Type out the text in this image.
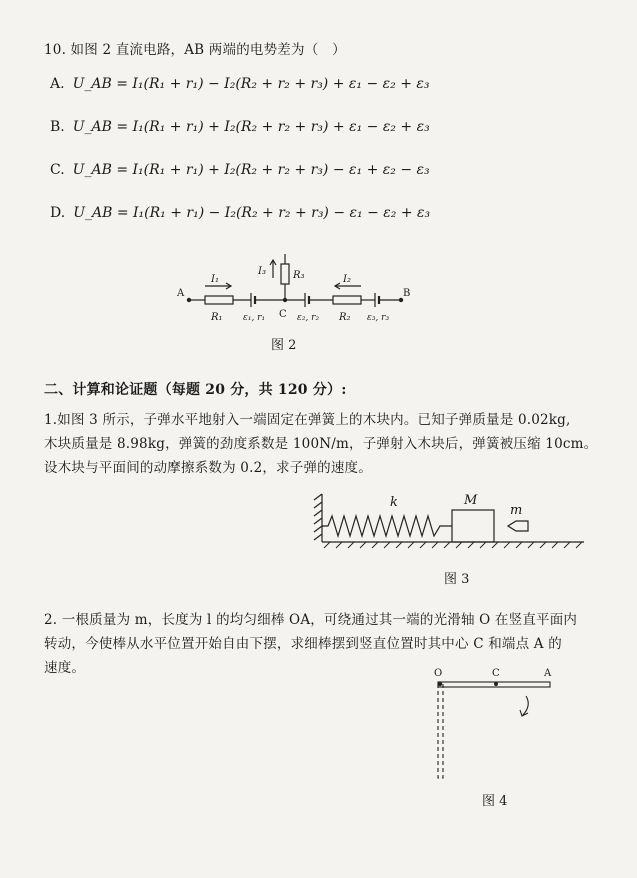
10. 如图 2 直流电路，AB 两端的电势差为（　）
A. U_AB = I₁(R₁ + r₁) − I₂(R₂ + r₂ + r₃) + ε₁ − ε₂ + ε₃
B. U_AB = I₁(R₁ + r₁) + I₂(R₂ + r₂ + r₃) + ε₁ − ε₂ + ε₃
C. U_AB = I₁(R₁ + r₁) + I₂(R₂ + r₂ + r₃) − ε₁ + ε₂ − ε₃
D. U_AB = I₁(R₁ + r₁) − I₂(R₂ + r₂ + r₃) − ε₁ − ε₂ + ε₃
A	B
C
I₁	I₂
I₃	R₃
R₁	R₂
ε₁, r₁	ε₂, r₂	ε₃, r₃
图 2
二、计算和论证题（每题 20 分，共 120 分）:
1.如图 3 所示，子弹水平地射入一端固定在弹簧上的木块内。已知子弹质量是 0.02kg,
木块质量是 8.98kg，弹簧的劲度系数是 100N/m，子弹射入木块后，弹簧被压缩 10cm。
设木块与平面间的动摩擦系数为 0.2，求子弹的速度。
k	M
m
图 3
2. 一根质量为 m，长度为 l 的均匀细棒 OA，可绕通过其一端的光滑轴 O 在竖直平面内
转动，今使棒从水平位置开始自由下摆，求细棒摆到竖直位置时其中心 C 和端点 A 的
速度。	O	C	A
图 4
